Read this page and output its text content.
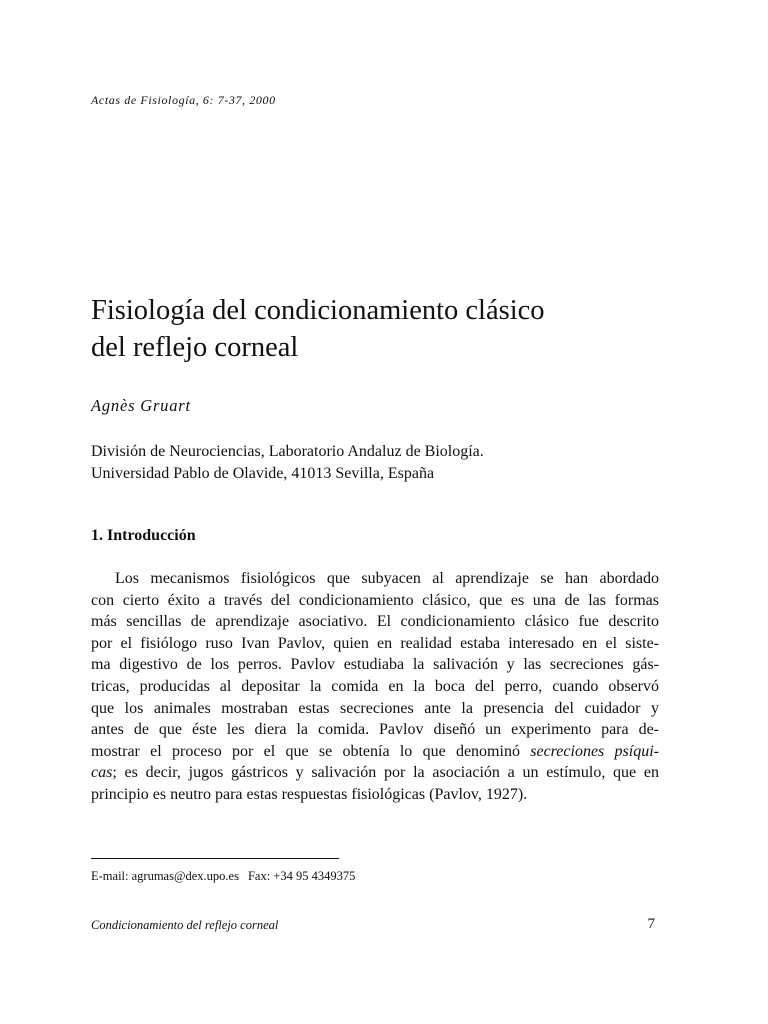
Actas de Fisiología, 6: 7-37, 2000
Fisiología del condicionamiento clásico
del reflejo corneal
Agnès Gruart
División de Neurociencias, Laboratorio Andaluz de Biología.
Universidad Pablo de Olavide, 41013 Sevilla, España
1. Introducción
Los mecanismos fisiológicos que subyacen al aprendizaje se han abordado
con cierto éxito a través del condicionamiento clásico, que es una de las formas
más sencillas de aprendizaje asociativo. El condicionamiento clásico fue descrito
por el fisiólogo ruso Ivan Pavlov, quien en realidad estaba interesado en el siste-
ma digestivo de los perros. Pavlov estudiaba la salivación y las secreciones gás-
tricas, producidas al depositar la comida en la boca del perro, cuando observó
que los animales mostraban estas secreciones ante la presencia del cuidador y
antes de que éste les diera la comida. Pavlov diseñó un experimento para de-
mostrar el proceso por el que se obtenía lo que denominó secreciones psíqui-
cas; es decir, jugos gástricos y salivación por la asociación a un estímulo, que en
principio es neutro para estas respuestas fisiológicas (Pavlov, 1927).
E-mail: agrumas@dex.upo.es Fax: +34 95 4349375
Condicionamiento del reflejo corneal	7
